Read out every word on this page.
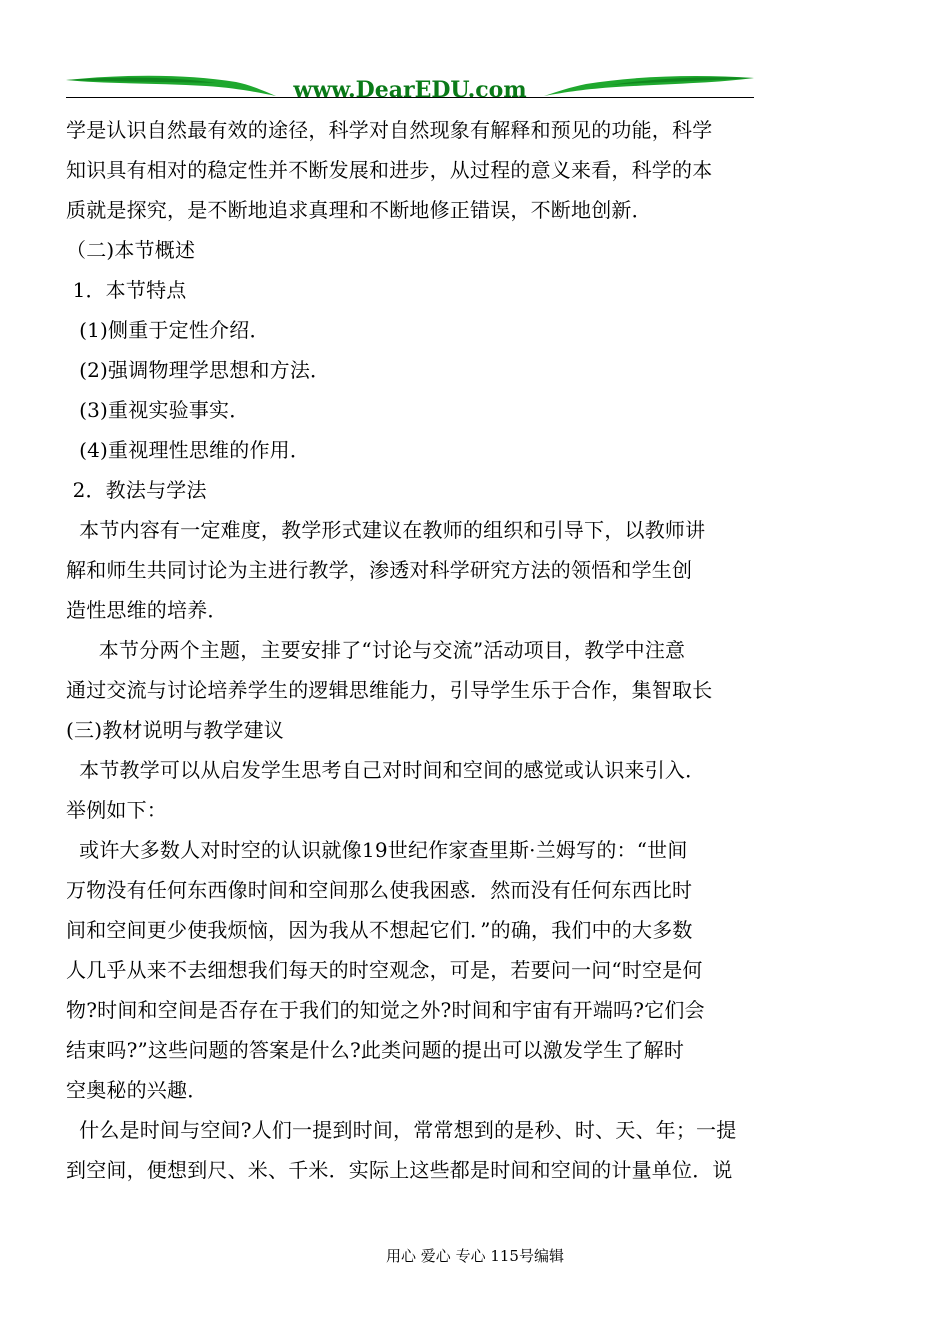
www.DearEDU.com

学是认识自然最有效的途径，科学对自然现象有解释和预见的功能，科学

知识具有相对的稳定性并不断发展和进步，从过程的意义来看，科学的本

质就是探究，是不断地追求真理和不断地修正错误，不断地创新．

（二)本节概述

1．本节特点

(1)侧重于定性介绍．

(2)强调物理学思想和方法．

(3)重视实验事实．

(4)重视理性思维的作用．

2．教法与学法

本节内容有一定难度，教学形式建议在教师的组织和引导下，以教师讲

解和师生共同讨论为主进行教学，渗透对科学研究方法的领悟和学生创

造性思维的培养．

本节分两个主题，主要安排了“讨论与交流”活动项目，教学中注意

通过交流与讨论培养学生的逻辑思维能力，引导学生乐于合作，集智取长

(三)教材说明与教学建议

本节教学可以从启发学生思考自己对时间和空间的感觉或认识来引入．

举例如下：

或许大多数人对时空的认识就像19世纪作家查里斯·兰姆写的：“世间

万物没有任何东西像时间和空间那么使我困惑．然而没有任何东西比时

间和空间更少使我烦恼，因为我从不想起它们．”的确，我们中的大多数

人几乎从来不去细想我们每天的时空观念，可是，若要问一问“时空是何

物?时间和空间是否存在于我们的知觉之外?时间和宇宙有开端吗?它们会

结束吗?”这些问题的答案是什么?此类问题的提出可以激发学生了解时

空奥秘的兴趣．

什么是时间与空间?人们一提到时间，常常想到的是秒、时、天、年；一提

到空间，便想到尺、米、千米．实际上这些都是时间和空间的计量单位．说

用心 爱心 专心 115号编辑
